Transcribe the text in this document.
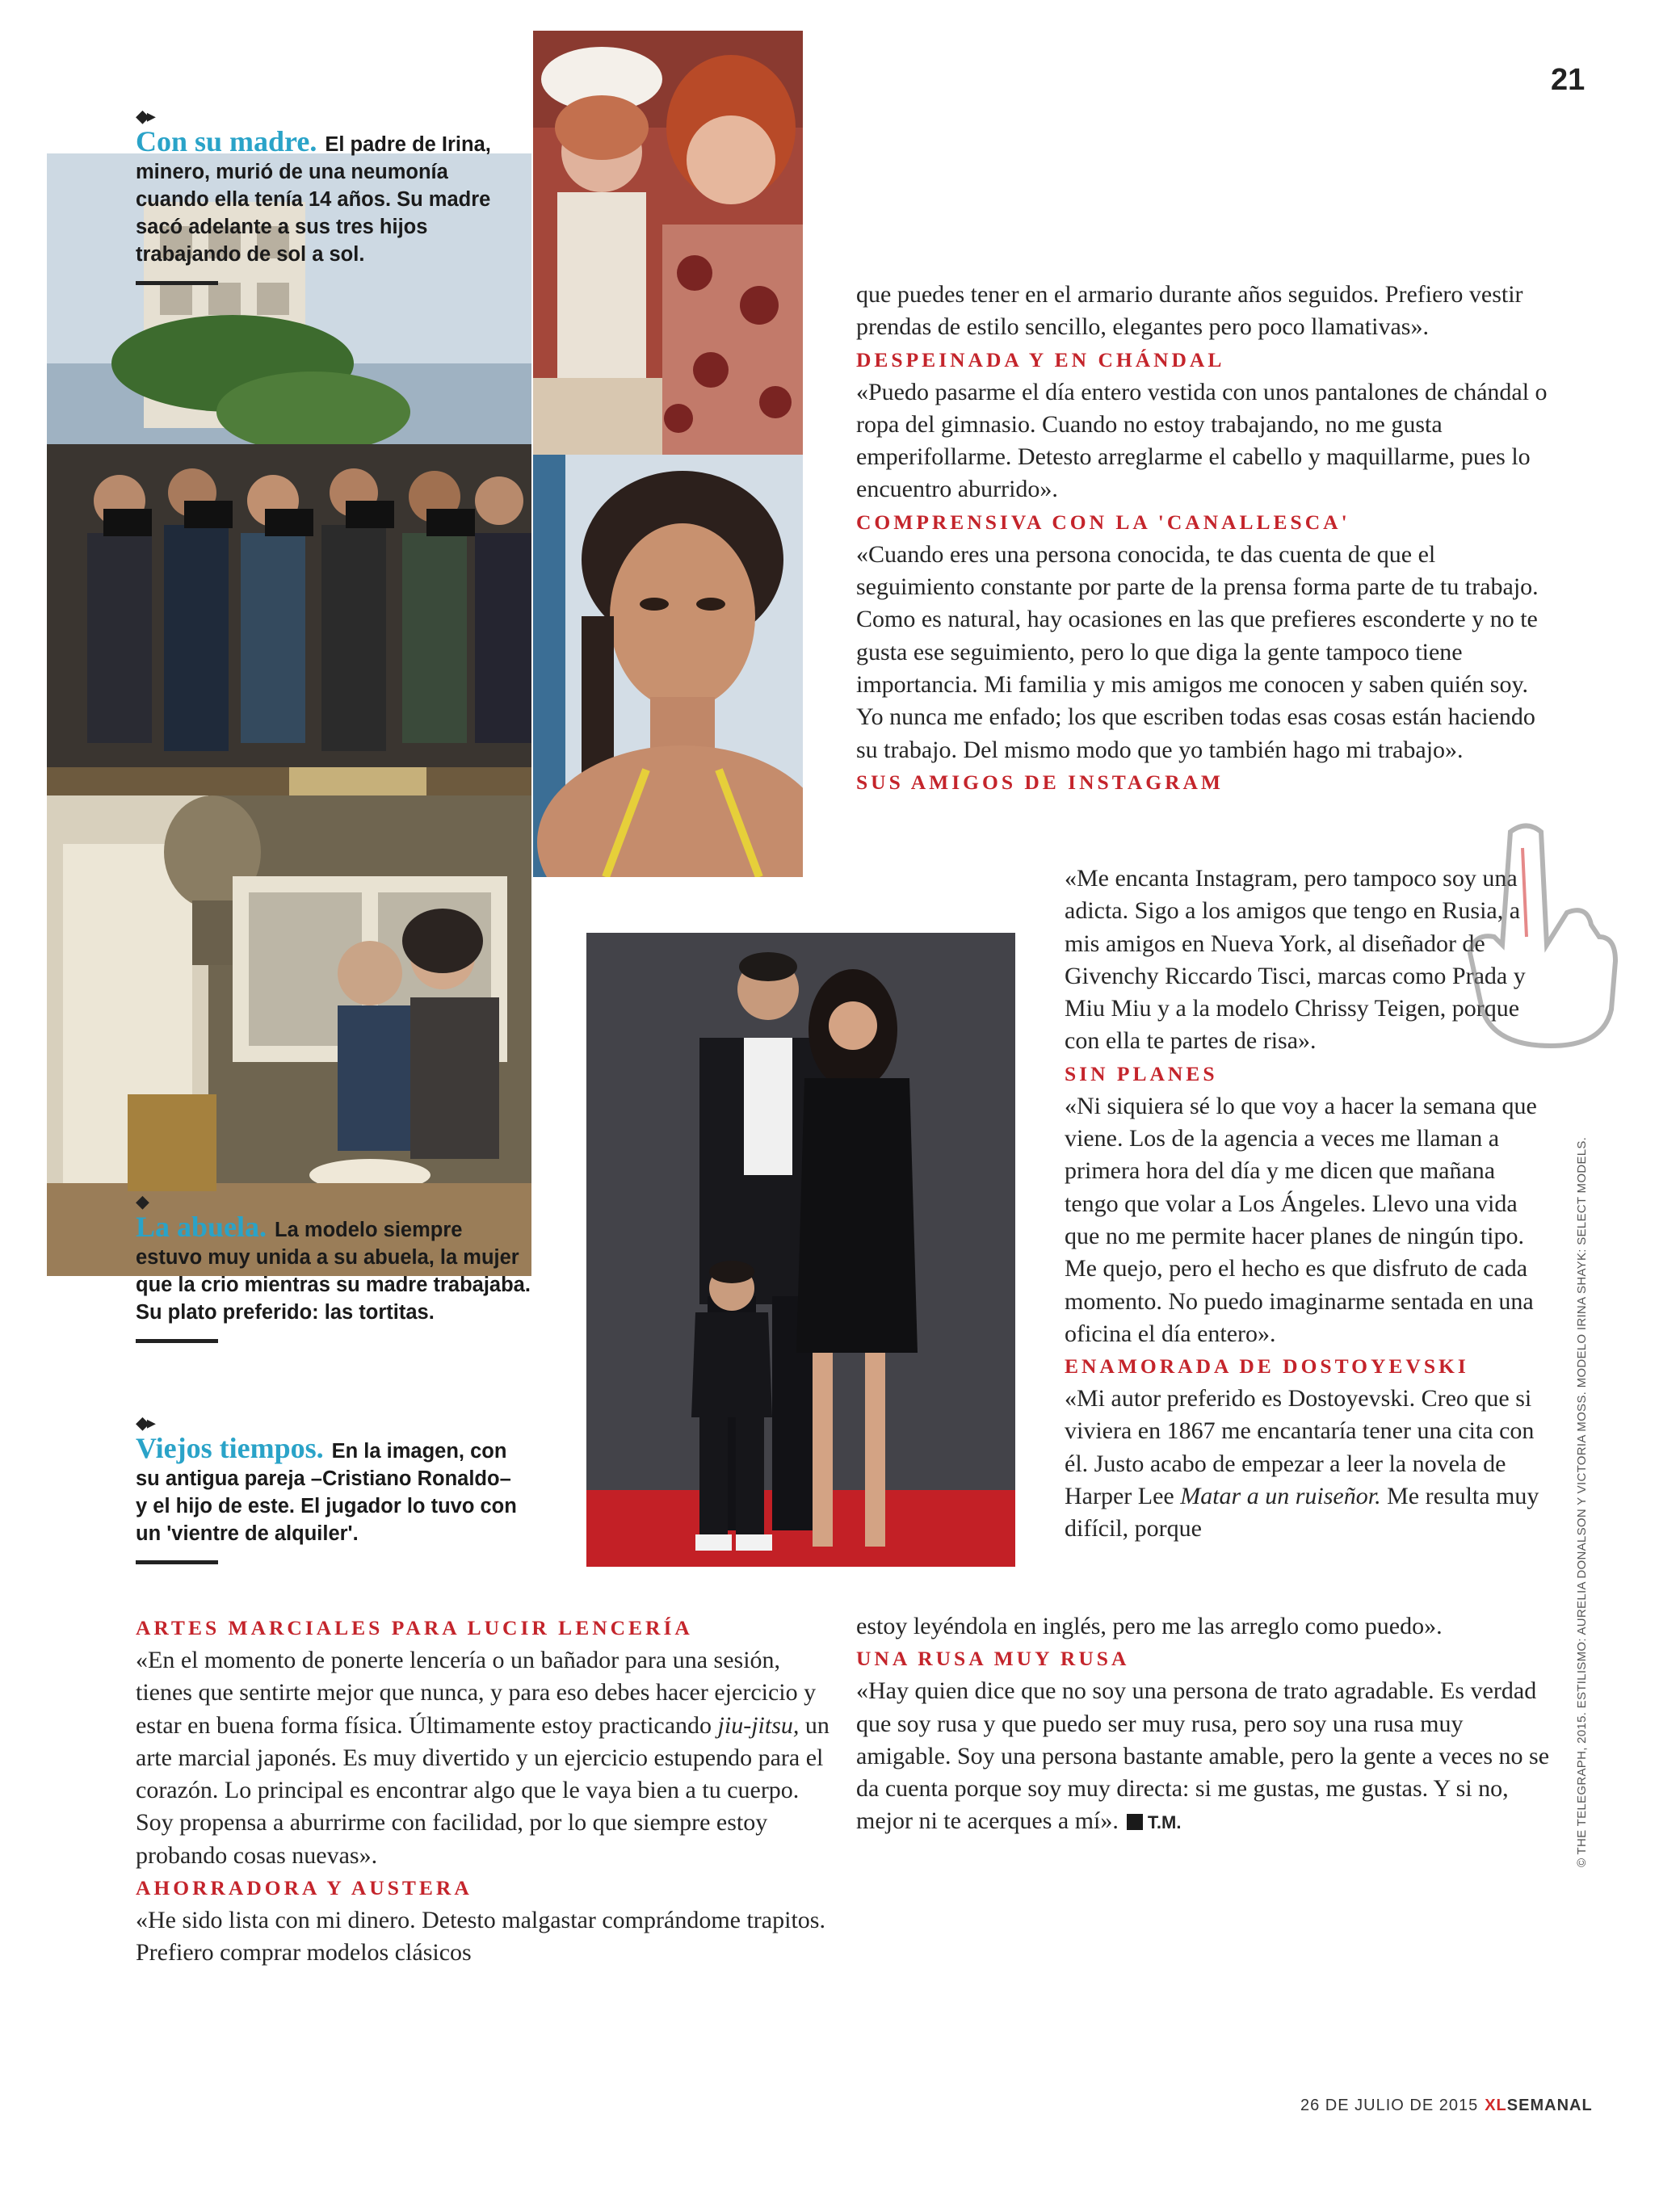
21
◆▸
Con su madre. El padre de Irina, minero, murió de una neumonía cuando ella tenía 14 años. Su madre sacó adelante a sus tres hijos trabajando de sol a sol.
◆
La abuela. La modelo siempre estuvo muy unida a su abuela, la mujer que la crio mientras su madre trabajaba. Su plato preferido: las tortitas.
◆▸
Viejos tiempos. En la imagen, con su antigua pareja –Cristiano Ronaldo– y el hijo de este. El jugador lo tuvo con un 'vientre de alquiler'.
ARTES MARCIALES PARA LUCIR LENCERÍA

«En el momento de ponerte lencería o un bañador para una sesión, tienes que sentirte mejor que nunca, y para eso debes hacer ejercicio y estar en buena forma física. Últimamente estoy practicando jiu-jitsu, un arte marcial japonés. Es muy divertido y un ejercicio estupendo para el corazón. Lo principal es encontrar algo que le vaya bien a tu cuerpo. Soy propensa a aburrirme con facilidad, por lo que siempre estoy probando cosas nuevas».

AHORRADORA Y AUSTERA

«He sido lista con mi dinero. Detesto malgastar comprándome trapitos. Prefiero comprar modelos clásicos

que puedes tener en el armario durante años seguidos. Prefiero vestir prendas de estilo sencillo, elegantes pero poco llamativas».

DESPEINADA Y EN CHÁNDAL

«Puedo pasarme el día entero vestida con unos pantalones de chándal o ropa del gimnasio. Cuando no estoy trabajando, no me gusta emperifollarme. Detesto arreglarme el cabello y maquillarme, pues lo encuentro aburrido».

COMPRENSIVA CON LA 'CANALLESCA'

«Cuando eres una persona conocida, te das cuenta de que el seguimiento constante por parte de la prensa forma parte de tu trabajo. Como es natural, hay ocasiones en las que prefieres esconderte y no te gusta ese seguimiento, pero lo que diga la gente tampoco tiene importancia. Mi familia y mis amigos me conocen y saben quién soy. Yo nunca me enfado; los que escriben todas esas cosas están haciendo su trabajo. Del mismo modo que yo también hago mi trabajo».

SUS AMIGOS DE INSTAGRAM

«Me encanta Instagram, pero tampoco soy una adicta. Sigo a los amigos que tengo en Rusia, a mis amigos en Nueva York, al diseñador de Givenchy Riccardo Tisci, marcas como Prada y Miu Miu y a la modelo Chrissy Teigen, porque con ella te partes de risa».

SIN PLANES

«Ni siquiera sé lo que voy a hacer la semana que viene. Los de la agencia a veces me llaman a primera hora del día y me dicen que mañana tengo que volar a Los Ángeles. Llevo una vida que no me permite hacer planes de ningún tipo. Me quejo, pero el hecho es que disfruto de cada momento. No puedo imaginarme sentada en una oficina el día entero».

ENAMORADA DE DOSTOYEVSKI

«Mi autor preferido es Dostoyevski. Creo que si viviera en 1867 me encantaría tener una cita con él. Justo acabo de empezar a leer la novela de Harper Lee Matar a un ruiseñor. Me resulta muy difícil, porque

estoy leyéndola en inglés, pero me las arreglo como puedo».

UNA RUSA MUY RUSA

«Hay quien dice que no soy una persona de trato agradable. Es verdad que soy rusa y que puedo ser muy rusa, pero soy una rusa muy amigable. Soy una persona bastante amable, pero la gente a veces no se da cuenta porque soy muy directa: si me gustas, me gustas. Y si no, mejor ni te acerques a mí». T.M.	© THE TELEGRAPH, 2015. ESTILISMO: AURELIA DONALSON Y VICTORIA MOSS. MODELO IRINA SHAYK: SELECT MODELS.
26 DE JULIO DE 2015 XLSEMANAL
